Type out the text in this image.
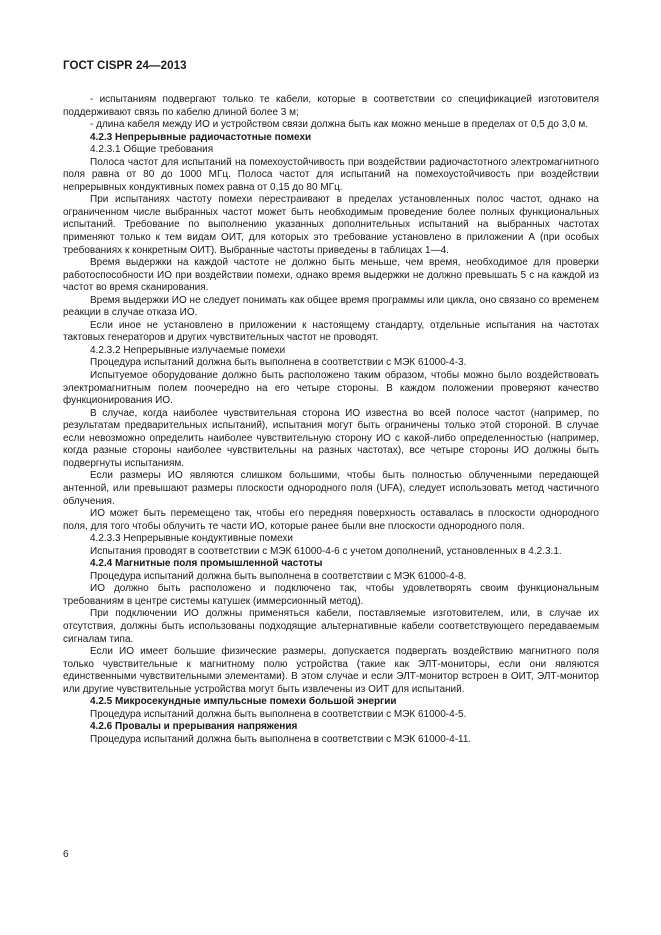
ГОСТ CISPR 24—2013

- испытаниям подвергают только те кабели, которые в соответствии со спецификацией изготовителя поддерживают связь по кабелю длиной более 3 м;

- длина кабеля между ИО и устройством связи должна быть как можно меньше в пределах от 0,5 до 3,0 м.

4.2.3 Непрерывные радиочастотные помехи

4.2.3.1 Общие требования

Полоса частот для испытаний на помехоустойчивость при воздействии радиочастотного электромагнитного поля равна от 80 до 1000 МГц. Полоса частот для испытаний на помехоустойчивость при воздействии непрерывных кондуктивных помех равна от 0,15 до 80 МГц.

При испытаниях частоту помехи перестраивают в пределах установленных полос частот, однако на ограниченном числе выбранных частот может быть необходимым проведение более полных функциональных испытаний. Требование по выполнению указанных дополнительных испытаний на выбранных частотах применяют только к тем видам ОИТ, для которых это требование установлено в приложении А (при особых требованиях к конкретным ОИТ). Выбранные частоты приведены в таблицах 1—4.

Время выдержки на каждой частоте не должно быть меньше, чем время, необходимое для проверки работоспособности ИО при воздействии помехи, однако время выдержки не должно превышать 5 с на каждой из частот во время сканирования.

Время выдержки ИО не следует понимать как общее время программы или цикла, оно связано со временем реакции в случае отказа ИО.

Если иное не установлено в приложении к настоящему стандарту, отдельные испытания на частотах тактовых генераторов и других чувствительных частот не проводят.

4.2.3.2 Непрерывные излучаемые помехи

Процедура испытаний должна быть выполнена в соответствии с МЭК 61000-4-3.

Испытуемое оборудование должно быть расположено таким образом, чтобы можно было воздействовать электромагнитным полем поочередно на его четыре стороны. В каждом положении проверяют качество функционирования ИО.

В случае, когда наиболее чувствительная сторона ИО известна во всей полосе частот (например, по результатам предварительных испытаний), испытания могут быть ограничены только этой стороной. В случае если невозможно определить наиболее чувствительную сторону ИО с какой-либо определенностью (например, когда разные стороны наиболее чувствительны на разных частотах), все четыре стороны ИО должны быть подвергнуты испытаниям.

Если размеры ИО являются слишком большими, чтобы быть полностью облученными передающей антенной, или превышают размеры плоскости однородного поля (UFA), следует использовать метод частичного облучения.

ИО может быть перемещено так, чтобы его передняя поверхность оставалась в плоскости однородного поля, для того чтобы облучить те части ИО, которые ранее были вне плоскости однородного поля.

4.2.3.3 Непрерывные кондуктивные помехи

Испытания проводят в соответствии с МЭК 61000-4-6 с учетом дополнений, установленных в 4.2.3.1.

4.2.4 Магнитные поля промышленной частоты

Процедура испытаний должна быть выполнена в соответствии с МЭК 61000-4-8.

ИО должно быть расположено и подключено так, чтобы удовлетворять своим функциональным требованиям в центре системы катушек (иммерсионный метод).

При подключении ИО должны применяться кабели, поставляемые изготовителем, или, в случае их отсутствия, должны быть использованы подходящие альтернативные кабели соответствующего передаваемым сигналам типа.

Если ИО имеет большие физические размеры, допускается подвергать воздействию магнитного поля только чувствительные к магнитному полю устройства (такие как ЭЛТ-мониторы, если они являются единственными чувствительными элементами). В этом случае и если ЭЛТ-монитор встроен в ОИТ, ЭЛТ-монитор или другие чувствительные устройства могут быть извлечены из ОИТ для испытаний.

4.2.5 Микросекундные импульсные помехи большой энергии

Процедура испытаний должна быть выполнена в соответствии с МЭК 61000-4-5.

4.2.6 Провалы и прерывания напряжения

Процедура испытаний должна быть выполнена в соответствии с МЭК 61000-4-11.

6
